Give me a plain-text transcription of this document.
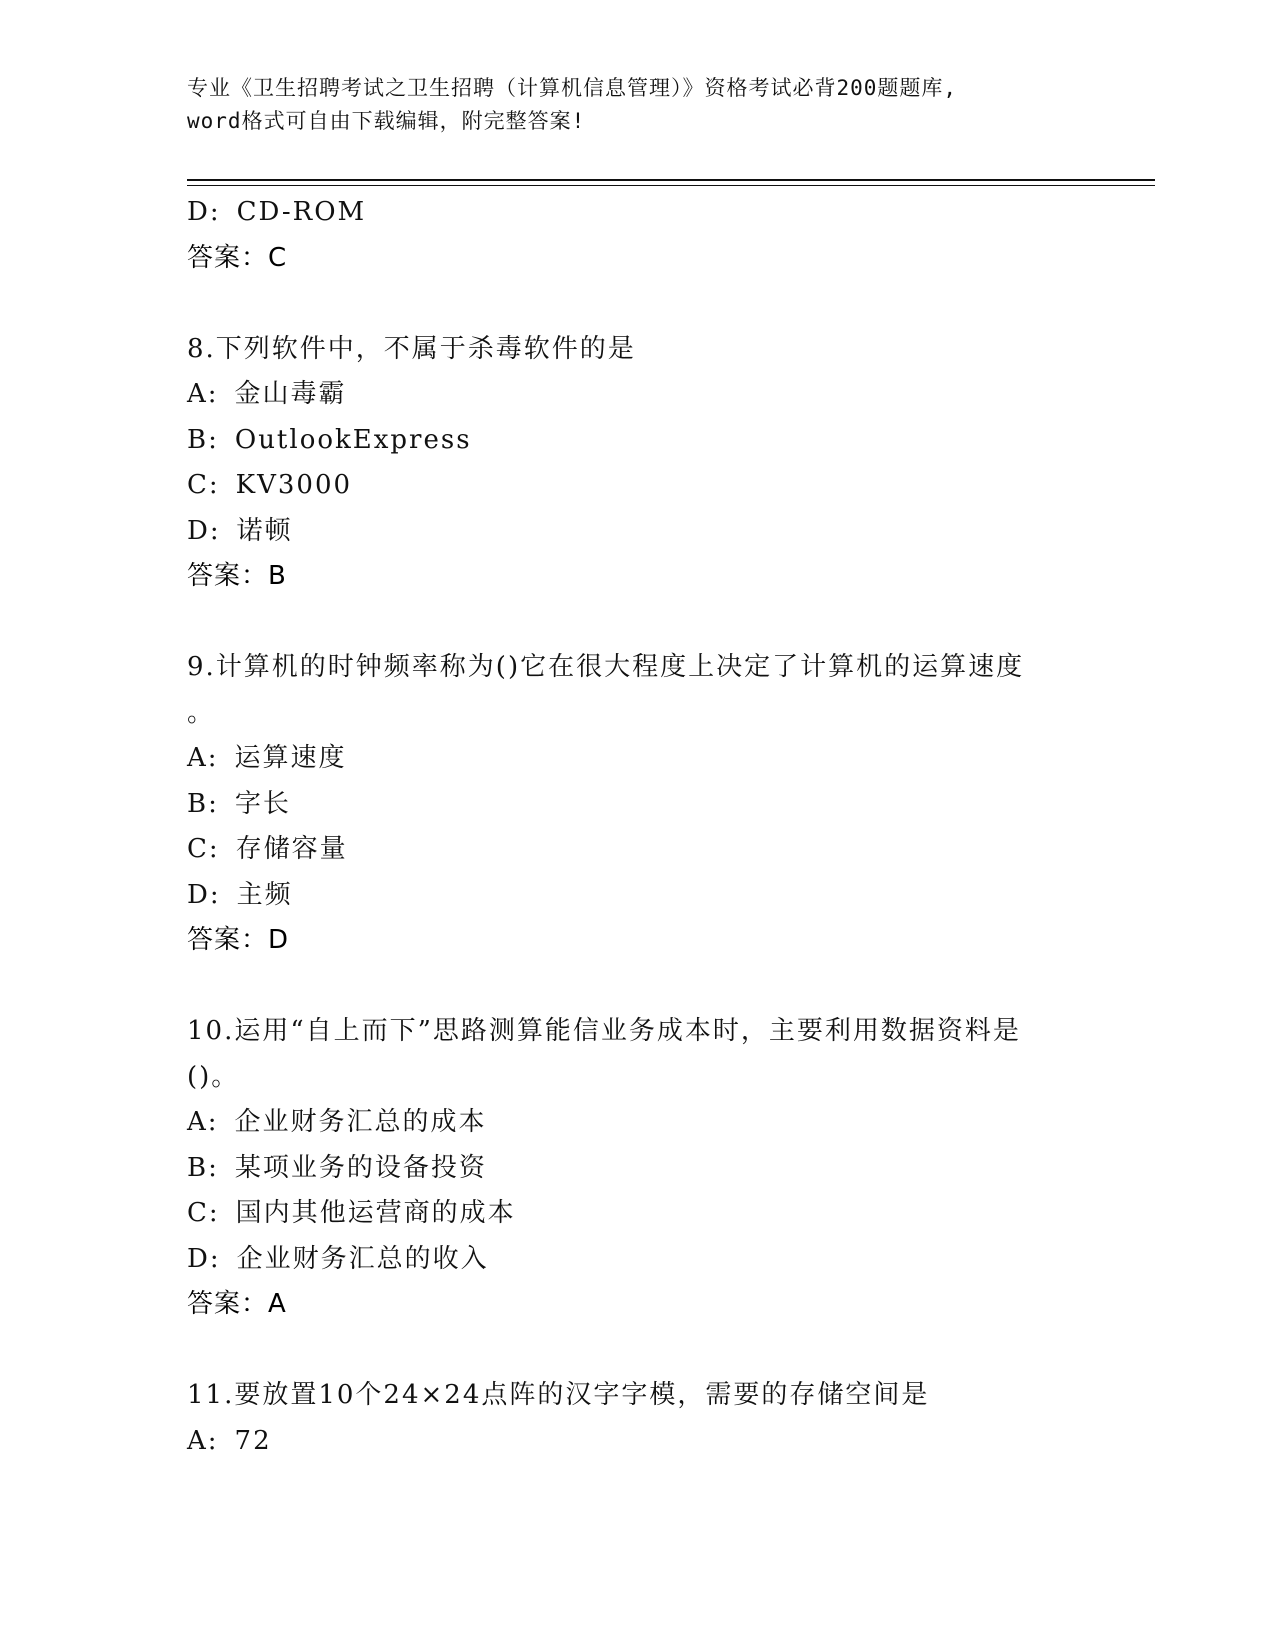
专业《卫生招聘考试之卫生招聘（计算机信息管理）》资格考试必背200题题库,
word格式可自由下载编辑，附完整答案!
D: CD-ROM
答案：C
8.下列软件中，不属于杀毒软件的是
A: 金山毒霸
B: OutlookExpress
C: KV3000
D: 诺顿
答案：B
9.计算机的时钟频率称为()它在很大程度上决定了计算机的运算速度
。
A: 运算速度
B: 字长
C: 存储容量
D: 主频
答案：D
10.运用“自上而下”思路测算能信业务成本时，主要利用数据资料是
()。
A: 企业财务汇总的成本
B: 某项业务的设备投资
C: 国内其他运营商的成本
D: 企业财务汇总的收入
答案：A
11.要放置10个24×24点阵的汉字字模，需要的存储空间是
A: 72
